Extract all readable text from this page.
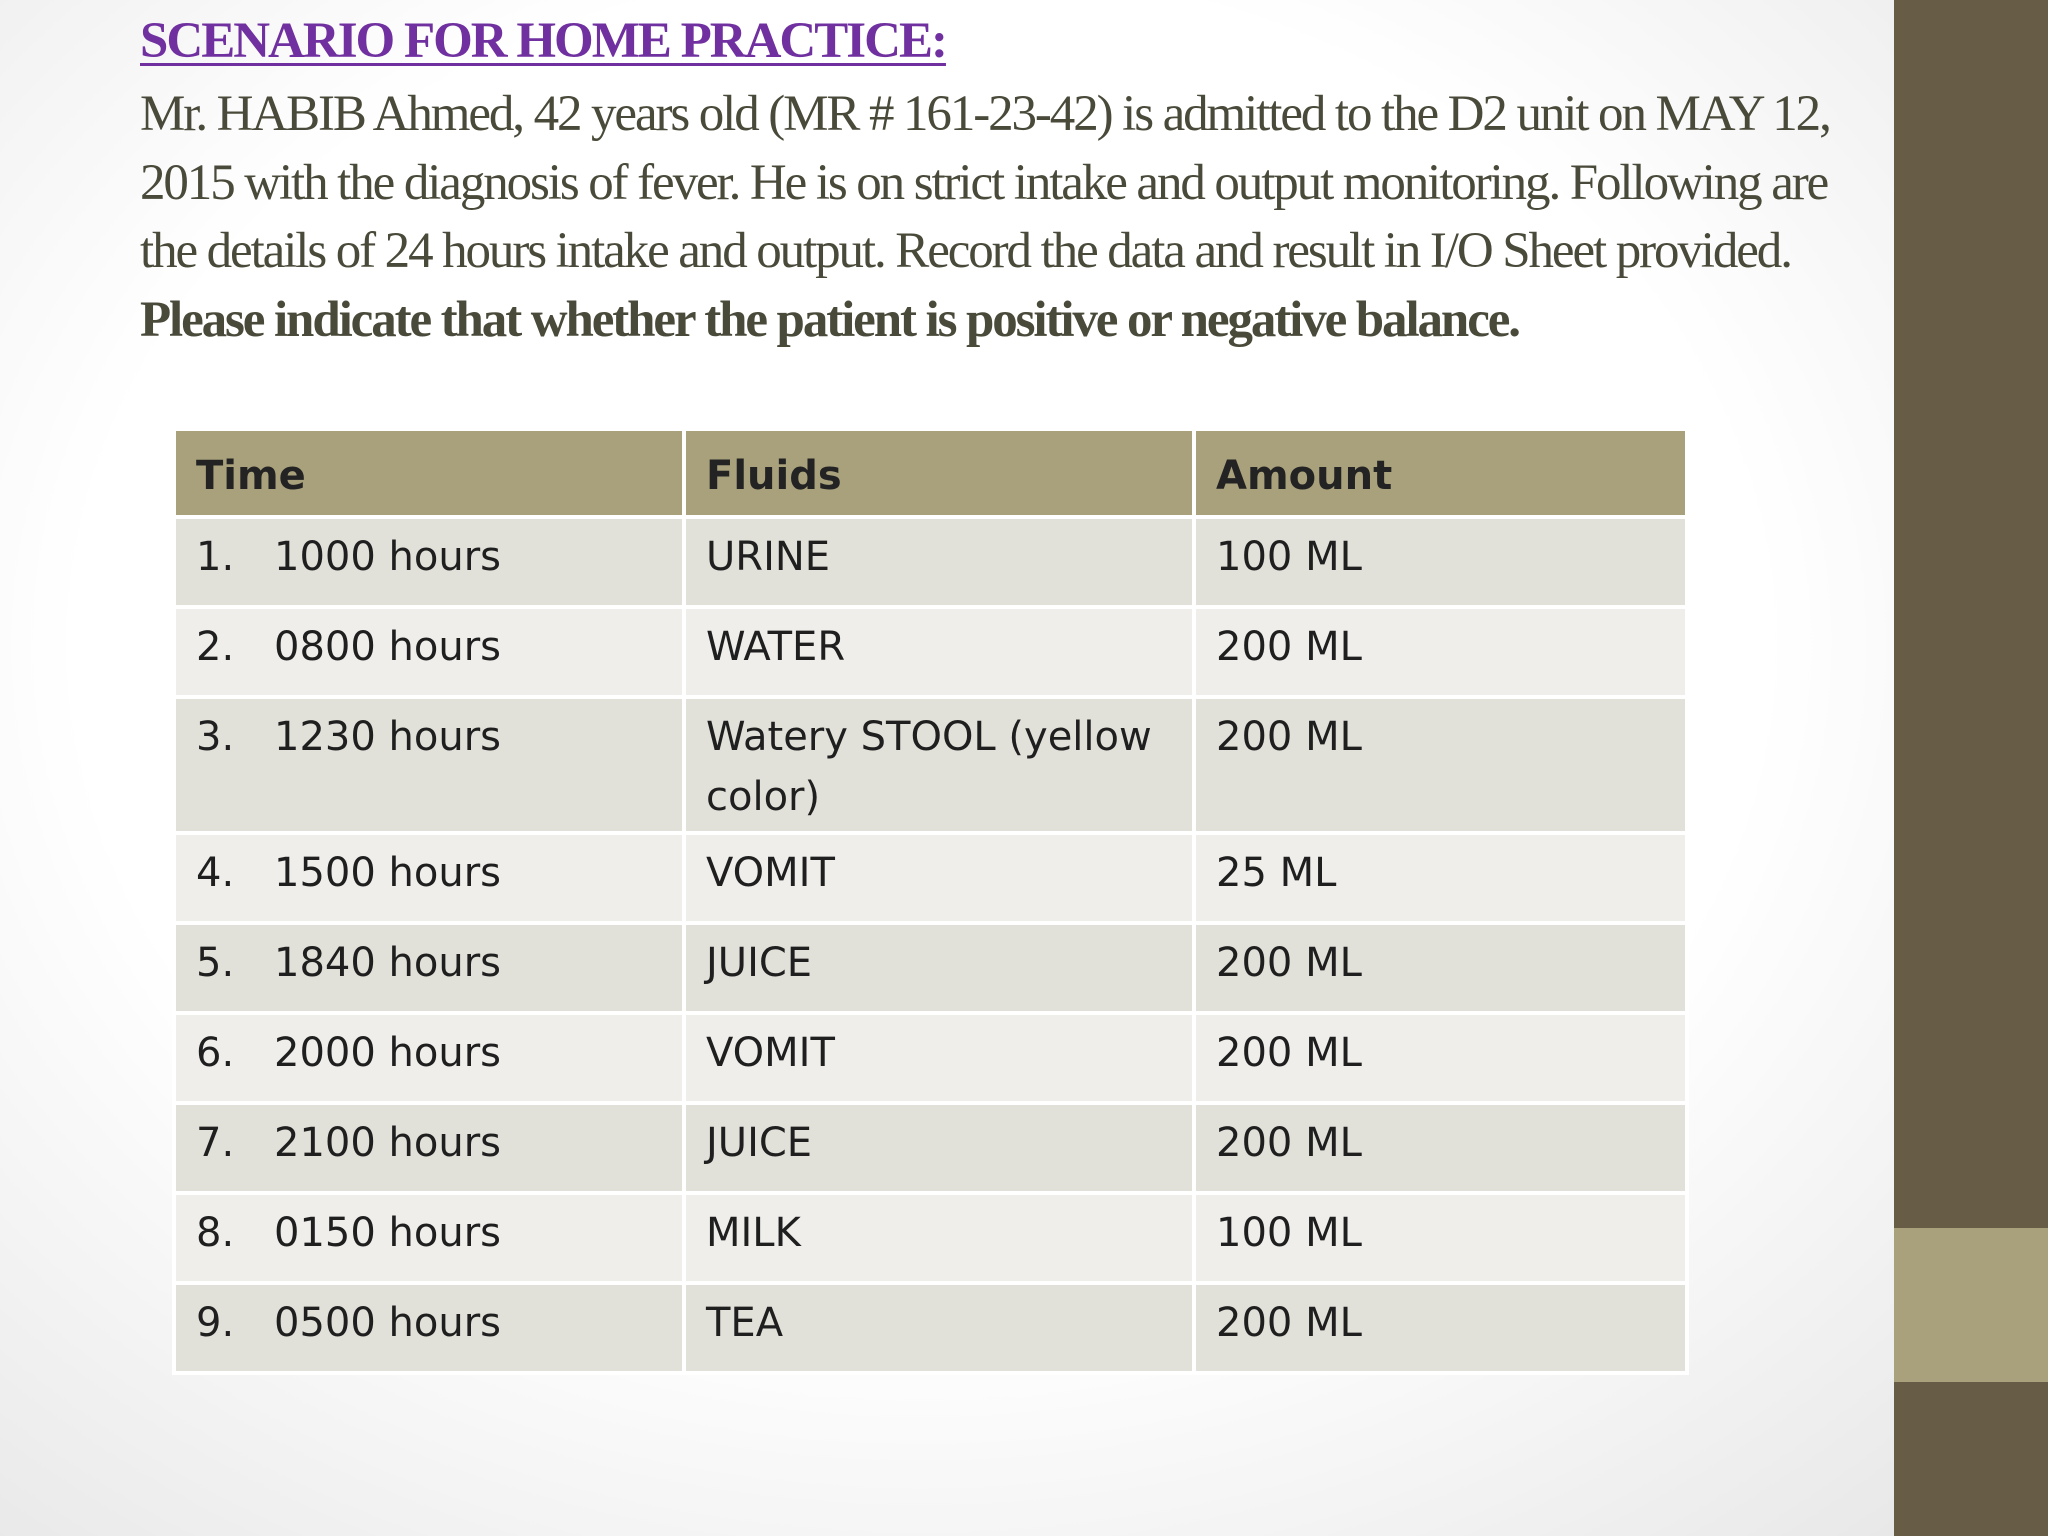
SCENARIO FOR HOME PRACTICE:

Mr. HABIB Ahmed, 42 years old (MR # 161-23-42) is admitted to the D2 unit on MAY 12, 2015 with the diagnosis of fever. He is on strict intake and output monitoring. Following are the details of 24 hours intake and output. Record the data and result in I/O Sheet provided. Please indicate that whether the patient is positive or negative balance.

Time	Fluids	Amount
1. 1000 hours	URINE	100 ML
2. 0800 hours	WATER	200 ML
3. 1230 hours	Watery STOOL (yellow color)	200 ML
4. 1500 hours	VOMIT	25 ML
5. 1840 hours	JUICE	200 ML
6. 2000 hours	VOMIT	200 ML
7. 2100 hours	JUICE	200 ML
8. 0150 hours	MILK	100 ML
9. 0500 hours	TEA	200 ML
